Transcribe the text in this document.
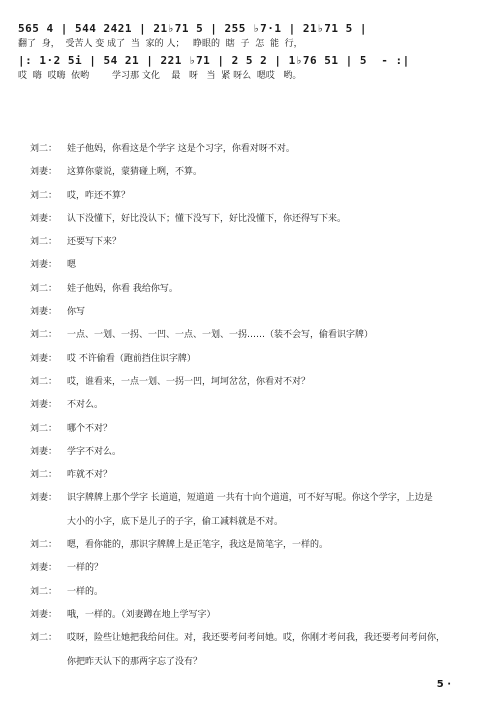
565 4 | 544 2421 | 21♭71 5 | 255 ♭7·1 | 21♭71 5 |
翻了  身，  受苦人 变 成了  当  家的 人；   睁眼的  瞎  子  怎  能  行，
|: 1·2 5i | 54 21 | 221 ♭71 | 2 5 2 | 1♭76 51 | 5  - :|
哎  嗨  哎嗨  依哟        学习那 文化    最   呀   当  紧 呀么  嗯哎   哟。
刘二： 娃子他妈，你看这是个学字 这是个习字，你看对呀不对。
刘妻： 这算你蒙说，蒙猜碰上咧，不算。
刘二： 哎，咋还不算？
刘妻： 认下没懂下，好比没认下；懂下没写下，好比没懂下，你还得写下来。
刘二： 还要写下来？
刘妻： 嗯
刘二： 娃子他妈，你看 我给你写。
刘妻： 你写
刘二： 一点、一划、一拐、一凹、一点、一划、一拐……（装不会写，偷看识字牌）
刘妻： 哎 不许偷看（跑前挡住识字牌）
刘二： 哎，谁看来，一点一划、一拐一凹，坷坷岔岔，你看对不对？
刘妻： 不对么。
刘二： 哪个不对？
刘妻： 学字不对么。
刘二： 咋就不对？
刘妻： 识字牌牌上那个学字 长道道，短道道 一共有十向个道道，可不好写呢。你这个学字，上边是
大小的小字，底下是儿子的子字，偷工减料就是不对。
刘二： 嗯，看你能的，那识字牌牌上是正笔字，我这是简笔字，一样的。
刘妻： 一样的？
刘二： 一样的。
刘妻： 哦，一样的。（刘妻蹲在地上学写字）
刘二： 哎呀，险些让她把我给问住。对，我还要考问考问她。哎，你刚才考问我，我还要考问考问你，
你把昨天认下的那两字忘了没有？
5 ·
